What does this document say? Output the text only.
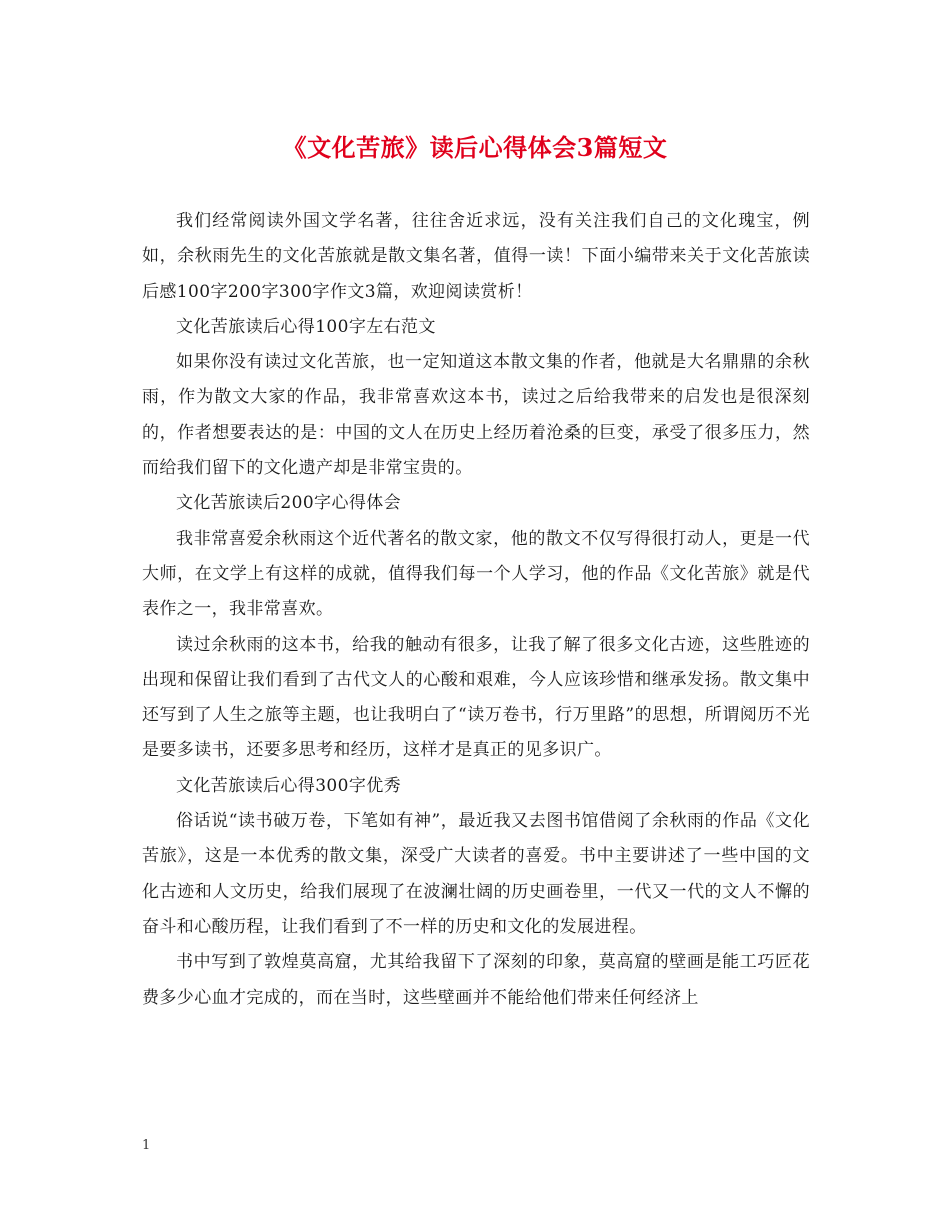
《文化苦旅》读后心得体会3篇短文

我们经常阅读外国文学名著，往往舍近求远，没有关注我们自己的文化瑰宝，例如，余秋雨先生的文化苦旅就是散文集名著，值得一读！下面小编带来关于文化苦旅读后感100字200字300字作文3篇，欢迎阅读赏析！

文化苦旅读后心得100字左右范文

如果你没有读过文化苦旅，也一定知道这本散文集的作者，他就是大名鼎鼎的余秋雨，作为散文大家的作品，我非常喜欢这本书，读过之后给我带来的启发也是很深刻的，作者想要表达的是：中国的文人在历史上经历着沧桑的巨变，承受了很多压力，然而给我们留下的文化遗产却是非常宝贵的。

文化苦旅读后200字心得体会

我非常喜爱余秋雨这个近代著名的散文家，他的散文不仅写得很打动人，更是一代大师，在文学上有这样的成就，值得我们每一个人学习，他的作品《文化苦旅》就是代表作之一，我非常喜欢。

读过余秋雨的这本书，给我的触动有很多，让我了解了很多文化古迹，这些胜迹的出现和保留让我们看到了古代文人的心酸和艰难，今人应该珍惜和继承发扬。散文集中还写到了人生之旅等主题，也让我明白了“读万卷书，行万里路”的思想，所谓阅历不光是要多读书，还要多思考和经历，这样才是真正的见多识广。

文化苦旅读后心得300字优秀

俗话说“读书破万卷，下笔如有神”，最近我又去图书馆借阅了余秋雨的作品《文化苦旅》，这是一本优秀的散文集，深受广大读者的喜爱。书中主要讲述了一些中国的文化古迹和人文历史，给我们展现了在波澜壮阔的历史画卷里，一代又一代的文人不懈的奋斗和心酸历程，让我们看到了不一样的历史和文化的发展进程。

书中写到了敦煌莫高窟，尤其给我留下了深刻的印象，莫高窟的壁画是能工巧匠花费多少心血才完成的，而在当时，这些壁画并不能给他们带来任何经济上

1
